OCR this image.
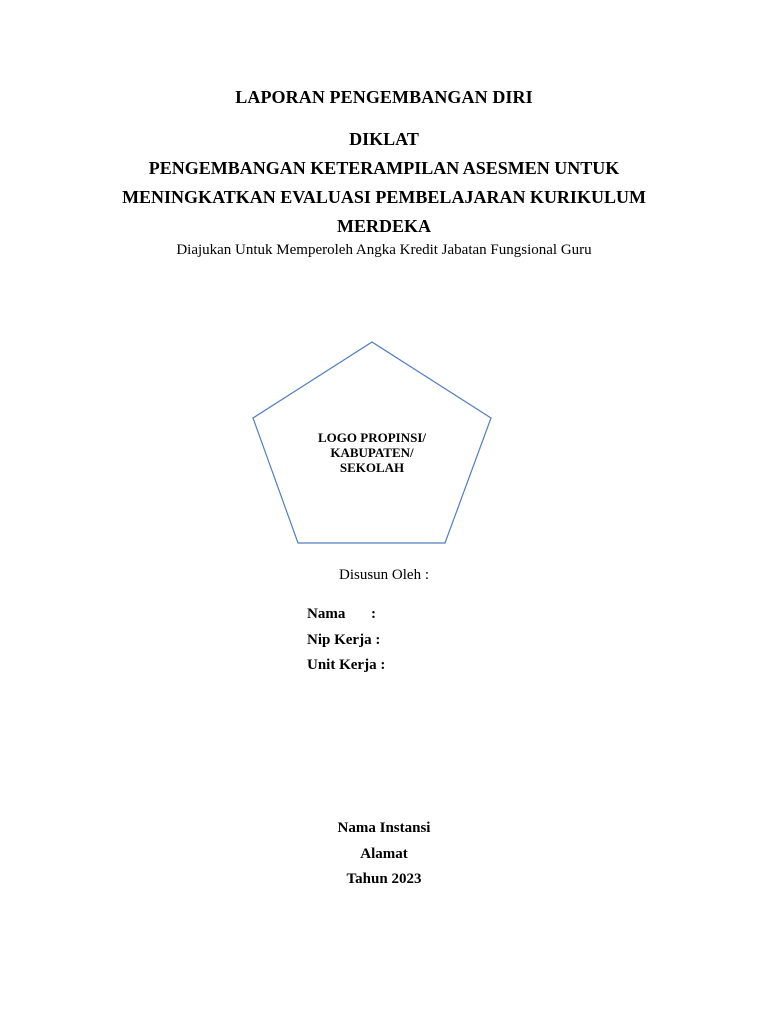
LAPORAN PENGEMBANGAN DIRI
DIKLAT
PENGEMBANGAN KETERAMPILAN ASESMEN UNTUK
MENINGKATKAN EVALUASI PEMBELAJARAN KURIKULUM
MERDEKA
Diajukan Untuk Memperoleh Angka Kredit Jabatan Fungsional Guru
LOGO PROPINSI/
KABUPATEN/
SEKOLAH
Disusun Oleh :
Nama :
Nip Kerja :
Unit Kerja :
Nama Instansi
Alamat
Tahun 2023
